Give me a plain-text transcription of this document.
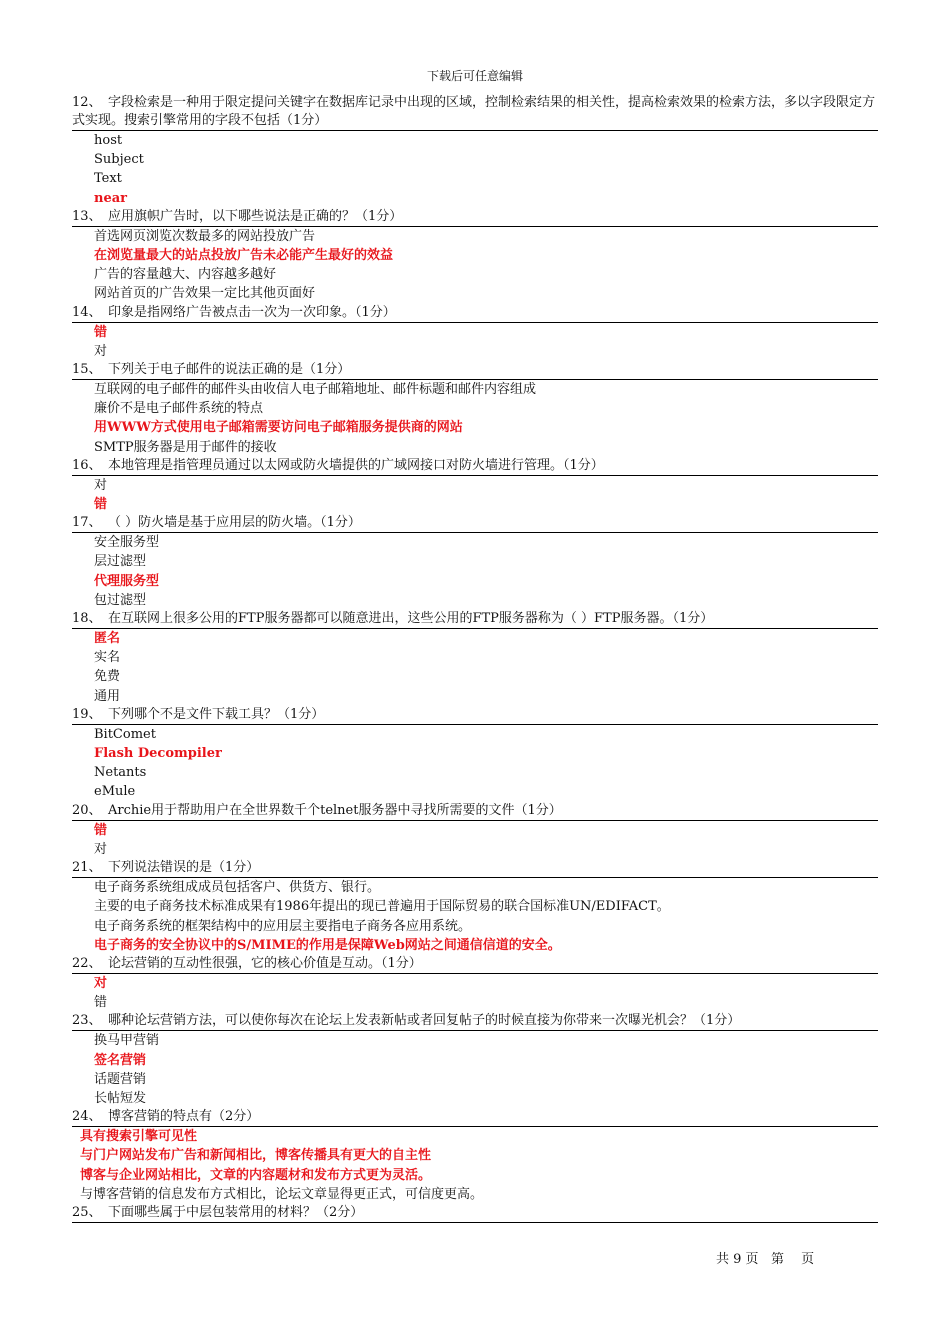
下载后可任意编辑
12、 字段检索是一种用于限定提问关键字在数据库记录中出现的区域，控制检索结果的相关性，提高检索效果的检索方法，多以字段限定方式实现。搜索引擎常用的字段不包括（1分）
host
Subject
Text
near
13、 应用旗帜广告时，以下哪些说法是正确的？（1分）
首选网页浏览次数最多的网站投放广告
在浏览量最大的站点投放广告未必能产生最好的效益
广告的容量越大、内容越多越好
网站首页的广告效果一定比其他页面好
14、 印象是指网络广告被点击一次为一次印象。（1分）
错
对
15、 下列关于电子邮件的说法正确的是（1分）
互联网的电子邮件的邮件头由收信人电子邮箱地址、邮件标题和邮件内容组成
廉价不是电子邮件系统的特点
用WWW方式使用电子邮箱需要访问电子邮箱服务提供商的网站
SMTP服务器是用于邮件的接收
16、 本地管理是指管理员通过以太网或防火墙提供的广域网接口对防火墙进行管理。（1分）
对
错
17、 （ ）防火墙是基于应用层的防火墙。（1分）
安全服务型
层过滤型
代理服务型
包过滤型
18、 在互联网上很多公用的FTP服务器都可以随意进出，这些公用的FTP服务器称为（ ）FTP服务器。（1分）
匿名
实名
免费
通用
19、 下列哪个不是文件下载工具？（1分）
BitComet
Flash Decompiler
Netants
eMule
20、 Archie用于帮助用户在全世界数千个telnet服务器中寻找所需要的文件（1分）
错
对
21、 下列说法错误的是（1分）
电子商务系统组成成员包括客户、供货方、银行。
主要的电子商务技术标准成果有1986年提出的现已普遍用于国际贸易的联合国标准UN/EDIFACT。
电子商务系统的框架结构中的应用层主要指电子商务各应用系统。
电子商务的安全协议中的S/MIME的作用是保障Web网站之间通信信道的安全。
22、 论坛营销的互动性很强，它的核心价值是互动。（1分）
对
错
23、 哪种论坛营销方法，可以使你每次在论坛上发表新帖或者回复帖子的时候直接为你带来一次曝光机会？（1分）
换马甲营销
签名营销
话题营销
长帖短发
24、 博客营销的特点有（2分）
具有搜索引擎可见性
与门户网站发布广告和新闻相比，博客传播具有更大的自主性
博客与企业网站相比，文章的内容题材和发布方式更为灵活。
与博客营销的信息发布方式相比，论坛文章显得更正式，可信度更高。
25、 下面哪些属于中层包装常用的材料？（2分）
共 9 页 第　 页
